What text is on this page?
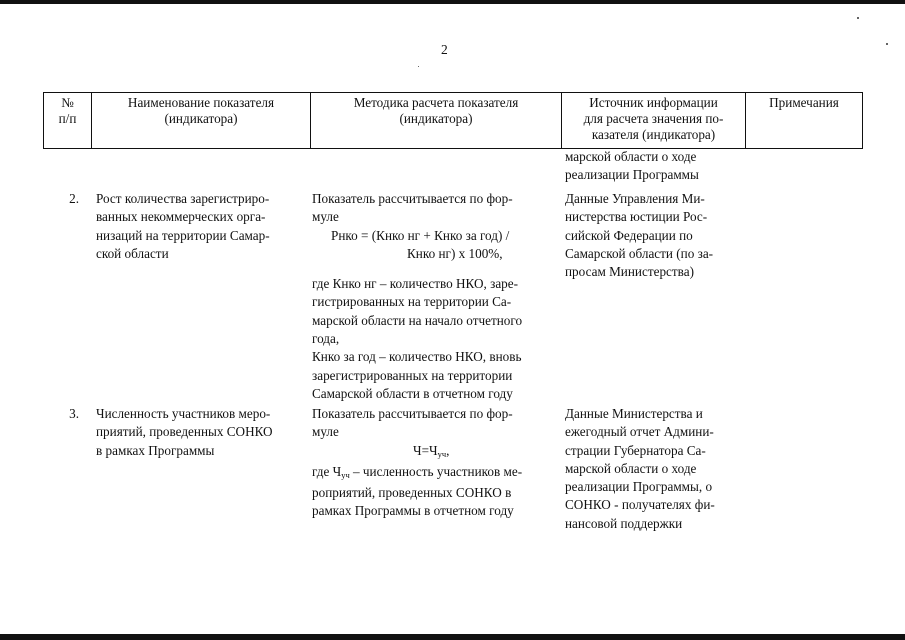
2
№
п/п
Наименование показателя
(индикатора)
Методика расчета показателя
(индикатора)
Источник информации
для расчета значения по-
казателя (индикатора)
Примечания
марской области о ходе
реализации Программы
2. Рост количества зарегистриро-
ванных некоммерческих орга-
низаций на территории Самар-
ской области
Показатель рассчитывается по фор-
муле
Рнко = (Кнко нг + Кнко за год) /
Кнко нг) х 100%,
где Кнко нг – количество НКО, заре-
гистрированных на территории Са-
марской области на начало отчетного
года,
Кнко за год – количество НКО, вновь
зарегистрированных на территории
Самарской области в отчетном году
Данные Управления Ми-
нистерства юстиции Рос-
сийской Федерации по
Самарской области (по за-
просам Министерства)
3. Численность участников меро-
приятий, проведенных СОНКО
в рамках Программы
Показатель рассчитывается по фор-
муле
$Ч=Ч_{уч}$,
где $Ч_{уч}$ – численность участников ме-
роприятий, проведенных СОНКО в
рамках Программы в отчетном году
Данные Министерства и
ежегодный отчет Админи-
страции Губернатора Са-
марской области о ходе
реализации Программы, о
СОНКО - получателях фи-
нансовой поддержки
